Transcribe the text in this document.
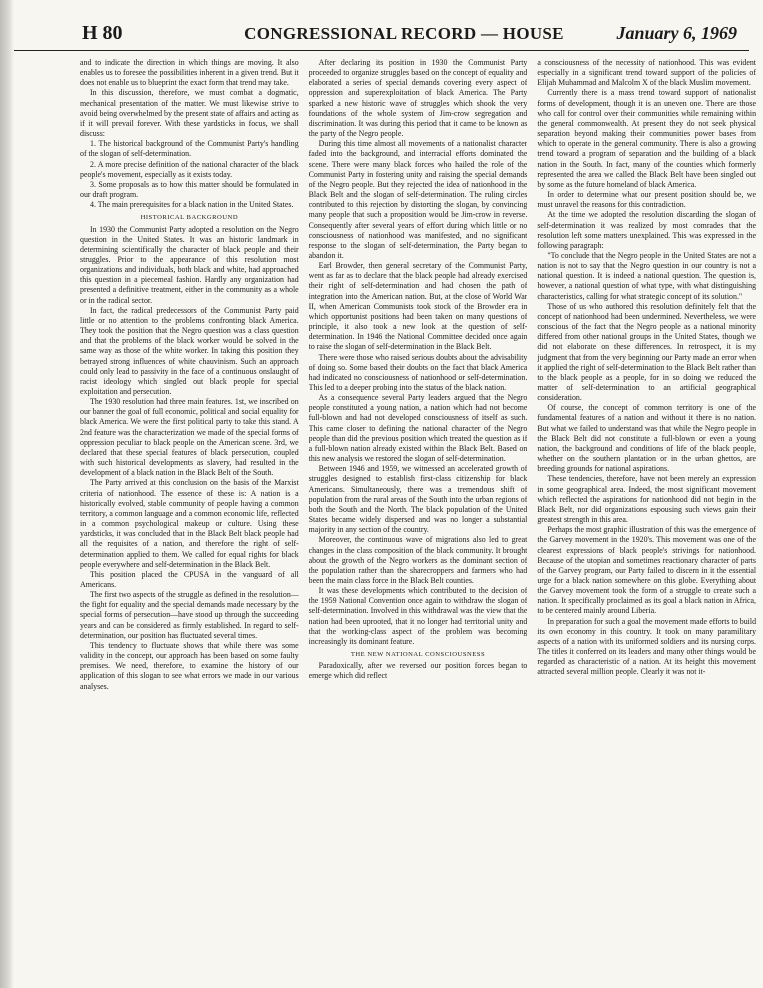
H 80	CONGRESSIONAL RECORD — HOUSE	January 6, 1969

and to indicate the direction in which things are moving. It also enables us to foresee the possibilities inherent in a given trend. But it does not enable us to blueprint the exact form that trend may take.

In this discussion, therefore, we must combat a dogmatic, mechanical presentation of the matter. We must likewise strive to avoid being overwhelmed by the present state of affairs and acting as if it will prevail forever. With these yardsticks in focus, we shall discuss:

1. The historical background of the Communist Party's handling of the slogan of self-determination.

2. A more precise definition of the national character of the black people's movement, especially as it exists today.

3. Some proposals as to how this matter should be formulated in our draft program.

4. The main prerequisites for a black nation in the United States.

HISTORICAL BACKGROUND

In 1930 the Communist Party adopted a resolution on the Negro question in the United States. It was an historic landmark in determining scientifically the character of black people and their struggles. Prior to the appearance of this resolution most organizations and individuals, both black and white, had approached this question in a piecemeal fashion. Hardly any organization had presented a definitive treatment, either in the community as a whole or in the radical sector.

In fact, the radical predecessors of the Communist Party paid little or no attention to the problems confronting black America. They took the position that the Negro question was a class question and that the problems of the black worker would be solved in the same way as those of the white worker. In taking this position they betrayed strong influences of white chauvinism. Such an approach could only lead to passivity in the face of a continuous onslaught of racist ideology which singled out black people for special exploitation and persecution.

The 1930 resolution had three main features. 1st, we inscribed on our banner the goal of full economic, political and social equality for black America. We were the first political party to take this stand. A 2nd feature was the characterization we made of the special forms of oppression peculiar to black people on the American scene. 3rd, we declared that these special features of black persecution, coupled with such historical developments as slavery, had resulted in the development of a black nation in the Black Belt of the South.

The Party arrived at this conclusion on the basis of the Marxist criteria of nationhood. The essence of these is: A nation is a historically evolved, stable community of people having a common territory, a common language and a common economic life, reflected in a common psychological makeup or culture. Using these yardsticks, it was concluded that in the Black Belt black people had all the requisites of a nation, and therefore the right of self-determination applied to them. We called for equal rights for black people everywhere and self-determination in the Black Belt.

This position placed the CPUSA in the vanguard of all Americans.

The first two aspects of the struggle as defined in the resolution—the fight for equality and the special demands made necessary by the special forms of persecution—have stood up through the succeeding years and can be considered as firmly established. In regard to self-determination, our position has fluctuated several times.

This tendency to fluctuate shows that while there was some validity in the concept, our approach has been based on some faulty premises. We need, therefore, to examine the history of our application of this slogan to see what errors we made in our various analyses.

After declaring its position in 1930 the Communist Party proceeded to organize struggles based on the concept of equality and elaborated a series of special demands covering every aspect of oppression and superexploitation of black America. The Party sparked a new historic wave of struggles which shook the very foundations of the whole system of Jim-crow segregation and discrimination. It was during this period that it came to be known as the party of the Negro people.

During this time almost all movements of a nationalist character faded into the background, and interracial efforts dominated the scene. There were many black forces who hailed the role of the Communist Party in fostering unity and raising the special demands of the Negro people. But they rejected the idea of nationhood in the Black Belt and the slogan of self-determination. The ruling circles contributed to this rejection by distorting the slogan, by convincing many people that such a proposition would be Jim-crow in reverse. Consequently after several years of effort during which little or no consciousness of nationhood was manifested, and no significant response to the slogan of self-determination, the Party began to abandon it.

Earl Browder, then general secretary of the Communist Party, went as far as to declare that the black people had already exercised their right of self-determination and had chosen the path of integration into the American nation. But, at the close of World War II, when American Communists took stock of the Browder era in which opportunist positions had been taken on many questions of principle, it also took a new look at the question of self-determination. In 1946 the National Committee decided once again to raise the slogan of self-determination in the Black Belt.

There were those who raised serious doubts about the advisability of doing so. Some based their doubts on the fact that black America had indicated no consciousness of nationhood or self-determination. This led to a deeper probing into the status of the black nation.

As a consequence several Party leaders argued that the Negro people constituted a young nation, a nation which had not become full-blown and had not developed consciousness of itself as such. This came closer to defining the national character of the Negro people than did the previous position which treated the question as if a full-blown nation already existed within the Black Belt. Based on this new analysis we restored the slogan of self-determination.

Between 1946 and 1959, we witnessed an accelerated growth of struggles designed to establish first-class citizenship for black Americans. Simultaneously, there was a tremendous shift of population from the rural areas of the South into the urban regions of both the South and the North. The black population of the United States became widely dispersed and was no longer a substantial majority in any section of the country.

Moreover, the continuous wave of migrations also led to great changes in the class composition of the black community. It brought about the growth of the Negro workers as the dominant section of the population rather than the sharecroppers and farmers who had been the main class force in the Black Belt counties.

It was these developments which contributed to the decision of the 1959 National Convention once again to withdraw the slogan of self-determination. Involved in this withdrawal was the view that the nation had been uprooted, that it no longer had territorial unity and that the working-class aspect of the problem was becoming increasingly its dominant feature.

THE NEW NATIONAL CONSCIOUSNESS

Paradoxically, after we reversed our position forces began to emerge which did reflect

a consciousness of the necessity of nationhood. This was evident especially in a significant trend toward support of the policies of Elijah Muhammad and Malcolm X of the black Muslim movement.

Currently there is a mass trend toward support of nationalist forms of development, though it is an uneven one. There are those who call for control over their communities while remaining within the general commonwealth. At present they do not seek physical separation beyond making their communities power bases from which to operate in the general community. There is also a growing trend toward a program of separation and the building of a black nation in the South. In fact, many of the counties which formerly represented the area we called the Black Belt have been singled out by some as the future homeland of black America.

In order to determine what our present position should be, we must unravel the reasons for this contradiction.

At the time we adopted the resolution discarding the slogan of self-determination it was realized by most comrades that the resolution left some matters unexplained. This was expressed in the following paragraph:

"To conclude that the Negro people in the United States are not a nation is not to say that the Negro question in our country is not a national question. It is indeed a national question. The question is, however, a national question of what type, with what distinguishing characteristics, calling for what strategic concept of its solution."

Those of us who authored this resolution definitely felt that the concept of nationhood had been undermined. Nevertheless, we were conscious of the fact that the Negro people as a national minority differed from other national groups in the United States, though we did not elaborate on these differences. In retrospect, it is my judgment that from the very beginning our Party made an error when it applied the right of self-determination to the Black Belt rather than to the black people as a people, for in so doing we reduced the matter of self-determination to an artificial geographical consideration.

Of course, the concept of common territory is one of the fundamental features of a nation and without it there is no nation. But what we failed to understand was that while the Negro people in the Black Belt did not constitute a full-blown or even a young nation, the background and conditions of life of the black people, whether on the southern plantation or in the urban ghettos, are breeding grounds for national aspirations.

These tendencies, therefore, have not been merely an expression in some geographical area. Indeed, the most significant movement which reflected the aspirations for nationhood did not begin in the Black Belt, nor did organizations espousing such views gain their greatest strength in this area.

Perhaps the most graphic illustration of this was the emergence of the Garvey movement in the 1920's. This movement was one of the clearest expressions of black people's strivings for nationhood. Because of the utopian and sometimes reactionary character of parts of the Garvey program, our Party failed to discern in it the essential urge for a black nation somewhere on this globe. Everything about the Garvey movement took the form of a struggle to create such a nation. It specifically proclaimed as its goal a black nation in Africa, to be centered mainly around Liberia.

In preparation for such a goal the movement made efforts to build its own economy in this country. It took on many paramilitary aspects of a nation with its uniformed soldiers and its nursing corps. The titles it conferred on its leaders and many other things would be regarded as characteristic of a nation. At its height this movement attracted several million people. Clearly it was not it-
